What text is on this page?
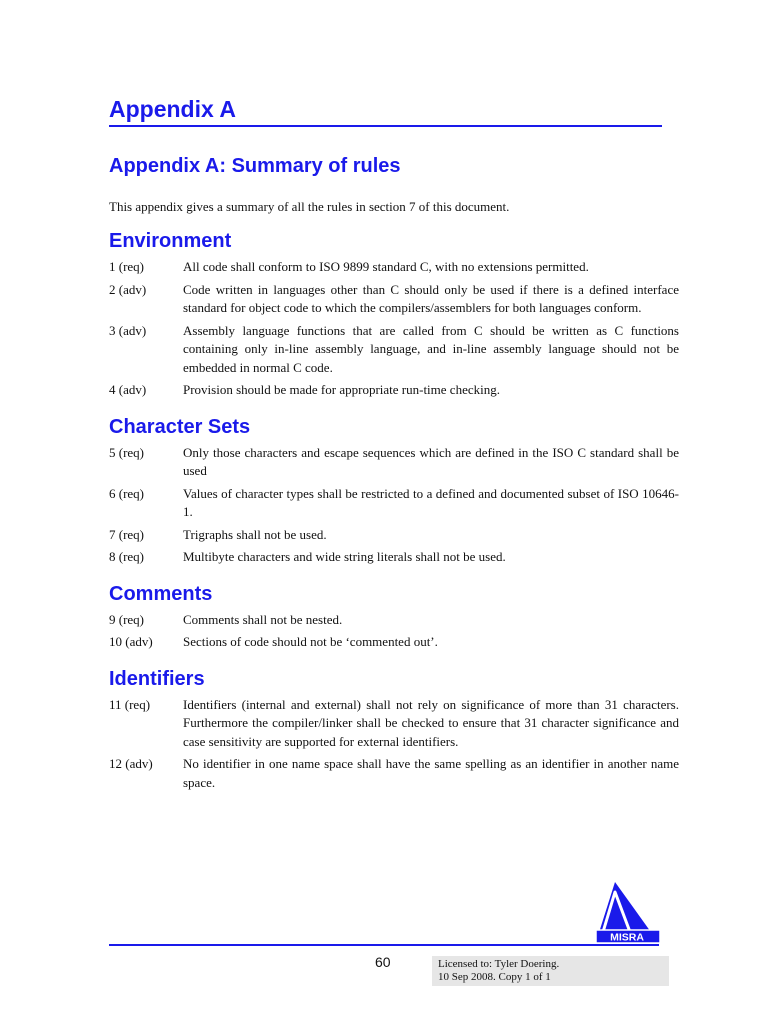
Appendix A
Appendix A: Summary of rules

This appendix gives a summary of all the rules in section 7 of this document.

Environment
1 (req)	All code shall conform to ISO 9899 standard C, with no extensions permitted.
2 (adv)	Code written in languages other than C should only be used if there is a defined interface standard for object code to which the compilers/assemblers for both languages conform.
3 (adv)	Assembly language functions that are called from C should be written as C functions containing only in-line assembly language, and in-line assembly language should not be embedded in normal C code.
4 (adv)	Provision should be made for appropriate run-time checking.
Character Sets
5 (req)	Only those characters and escape sequences which are defined in the ISO C standard shall be used
6 (req)	Values of character types shall be restricted to a defined and documented subset of ISO 10646-1.
7 (req)	Trigraphs shall not be used.
8 (req)	Multibyte characters and wide string literals shall not be used.
Comments
9 (req)	Comments shall not be nested.
10 (adv)	Sections of code should not be ‘commented out’.
Identifiers
11 (req)	Identifiers (internal and external) shall not rely on significance of more than 31 characters. Furthermore the compiler/linker shall be checked to ensure that 31 character significance and case sensitivity are supported for external identifiers.
12 (adv)	No identifier in one name space shall have the same spelling as an identifier in another name space.
MISRA
60	Licensed to: Tyler Doering.
10 Sep 2008. Copy 1 of 1
